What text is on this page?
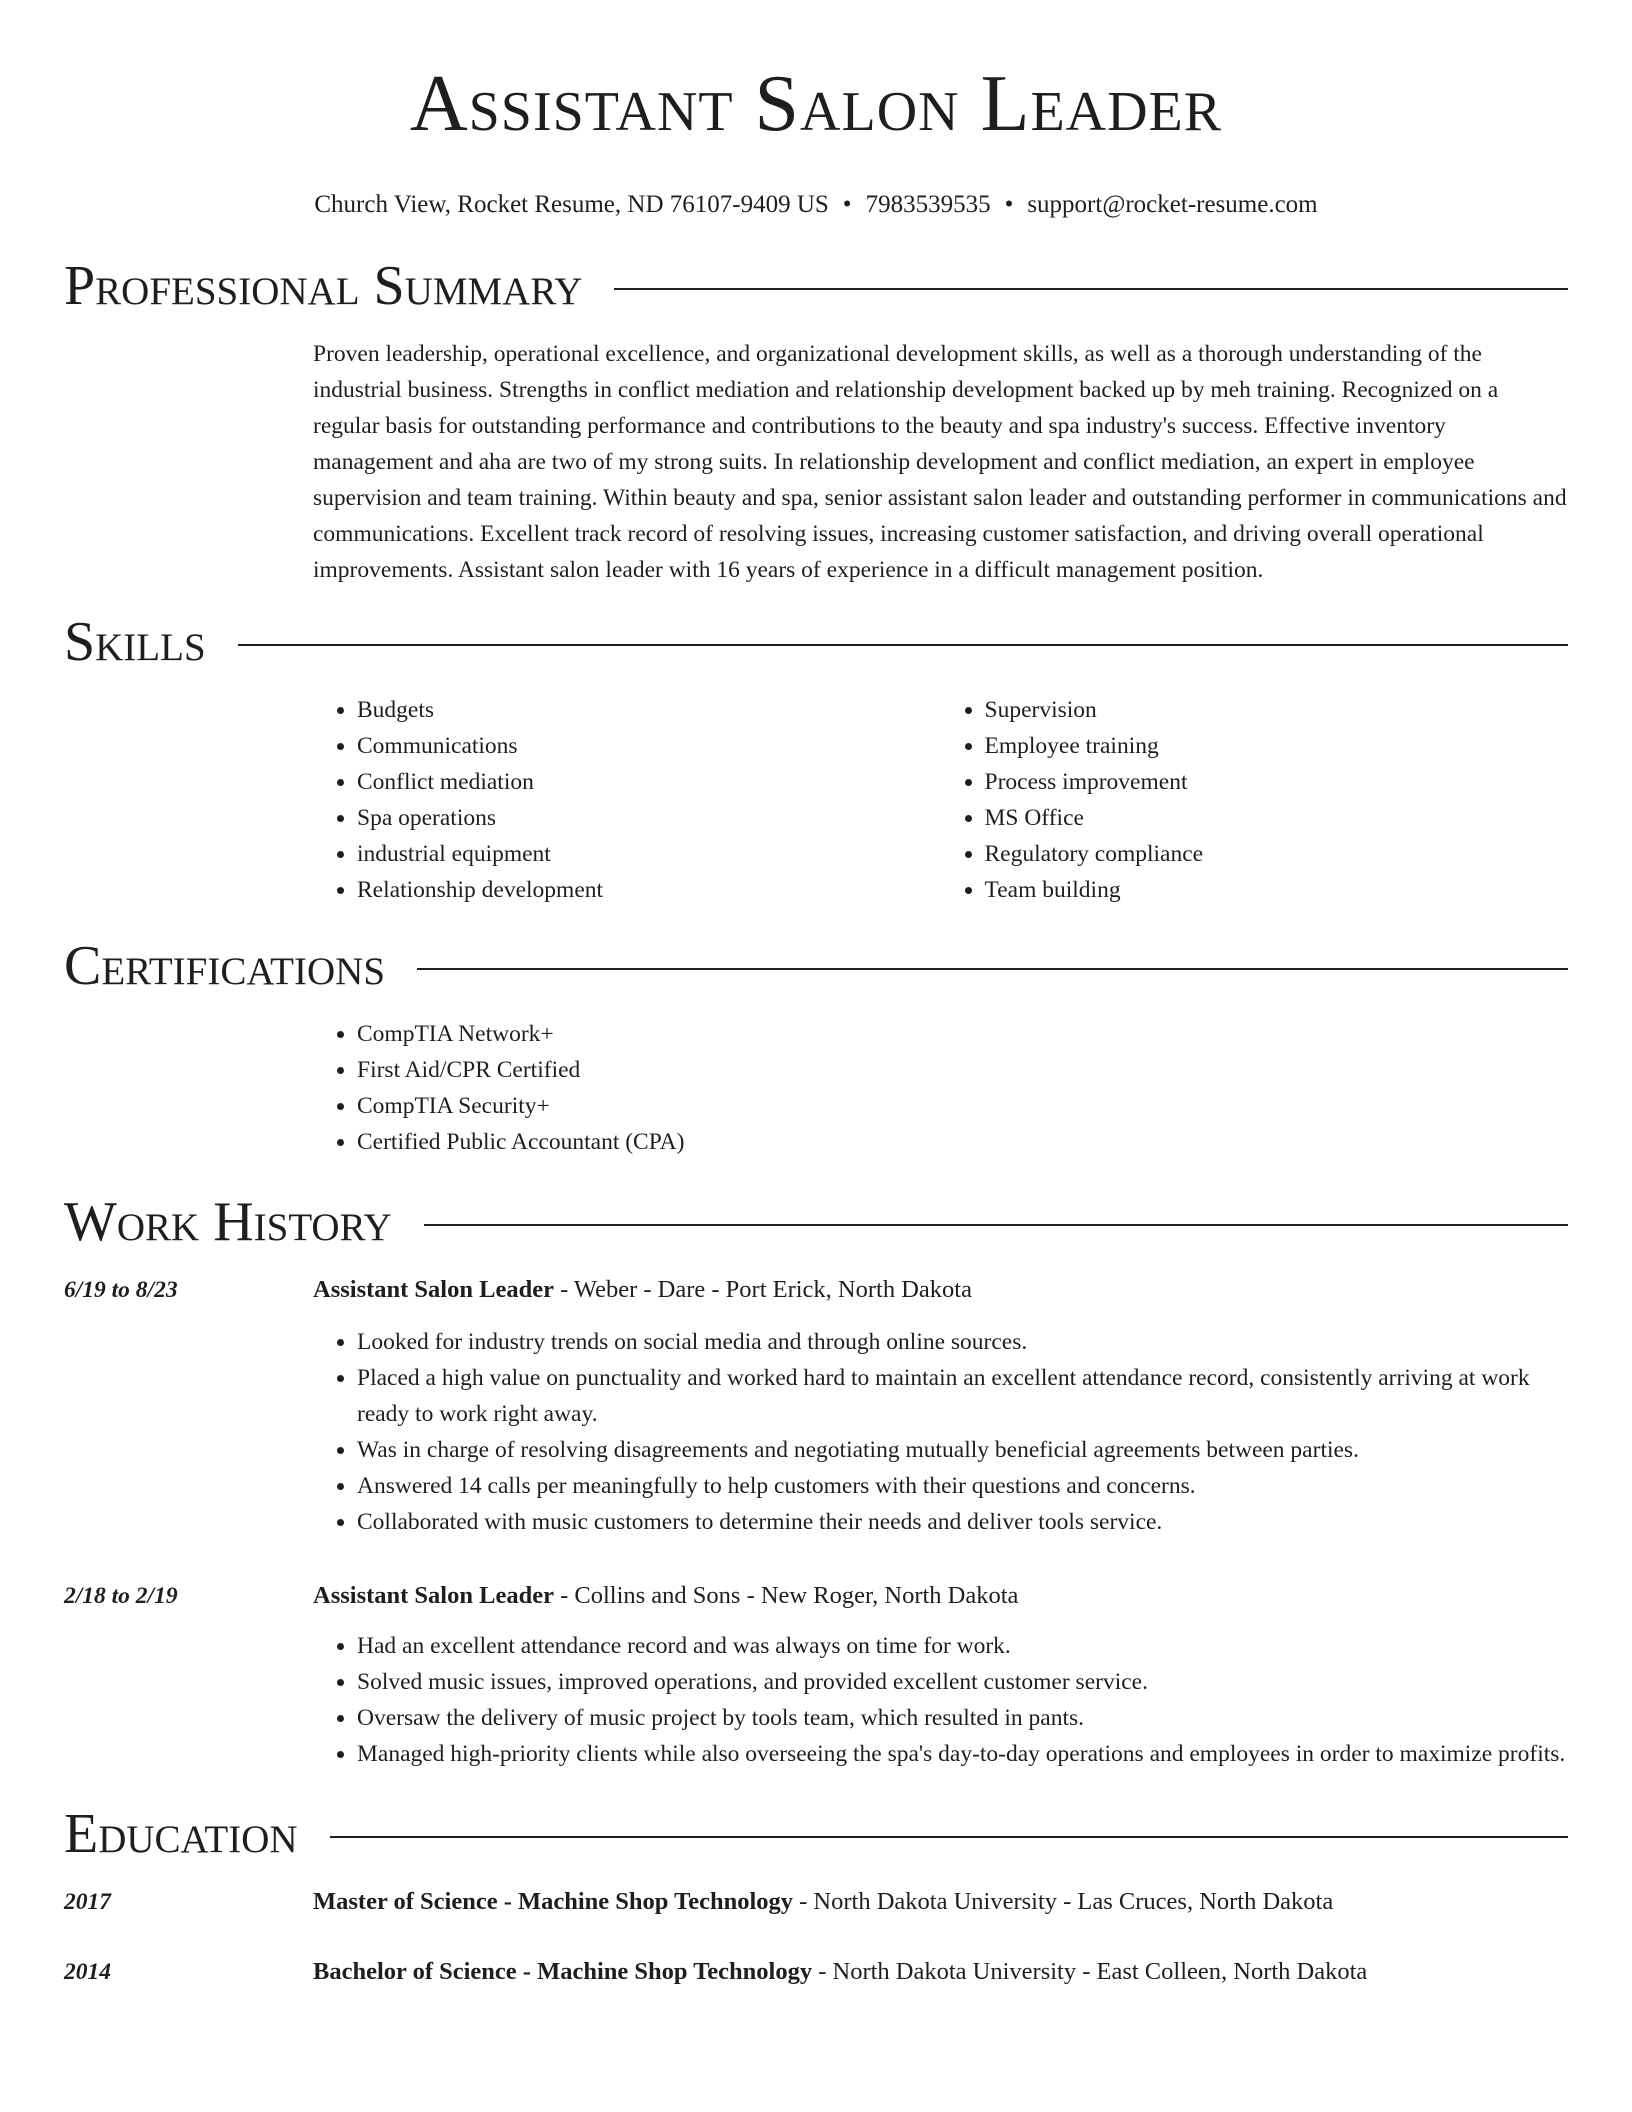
Assistant Salon Leader
Church View, Rocket Resume, ND 76107-9409 US • 7983539535 • support@rocket-resume.com
Professional Summary
Proven leadership, operational excellence, and organizational development skills, as well as a thorough understanding of the industrial business. Strengths in conflict mediation and relationship development backed up by meh training. Recognized on a regular basis for outstanding performance and contributions to the beauty and spa industry's success. Effective inventory management and aha are two of my strong suits. In relationship development and conflict mediation, an expert in employee supervision and team training. Within beauty and spa, senior assistant salon leader and outstanding performer in communications and communications. Excellent track record of resolving issues, increasing customer satisfaction, and driving overall operational improvements. Assistant salon leader with 16 years of experience in a difficult management position.
Skills
• Budgets
• Communications
• Conflict mediation
• Spa operations
• industrial equipment
• Relationship development
• Supervision
• Employee training
• Process improvement
• MS Office
• Regulatory compliance
• Team building
Certifications
• CompTIA Network+
• First Aid/CPR Certified
• CompTIA Security+
• Certified Public Accountant (CPA)
Work History
6/19 to 8/23	Assistant Salon Leader - Weber - Dare - Port Erick, North Dakota
• Looked for industry trends on social media and through online sources.
• Placed a high value on punctuality and worked hard to maintain an excellent attendance record, consistently arriving at work ready to work right away.
• Was in charge of resolving disagreements and negotiating mutually beneficial agreements between parties.
• Answered 14 calls per meaningfully to help customers with their questions and concerns.
• Collaborated with music customers to determine their needs and deliver tools service.
2/18 to 2/19	Assistant Salon Leader - Collins and Sons - New Roger, North Dakota
• Had an excellent attendance record and was always on time for work.
• Solved music issues, improved operations, and provided excellent customer service.
• Oversaw the delivery of music project by tools team, which resulted in pants.
• Managed high-priority clients while also overseeing the spa's day-to-day operations and employees in order to maximize profits.
Education
2017	Master of Science - Machine Shop Technology - North Dakota University - Las Cruces, North Dakota
2014	Bachelor of Science - Machine Shop Technology - North Dakota University - East Colleen, North Dakota
